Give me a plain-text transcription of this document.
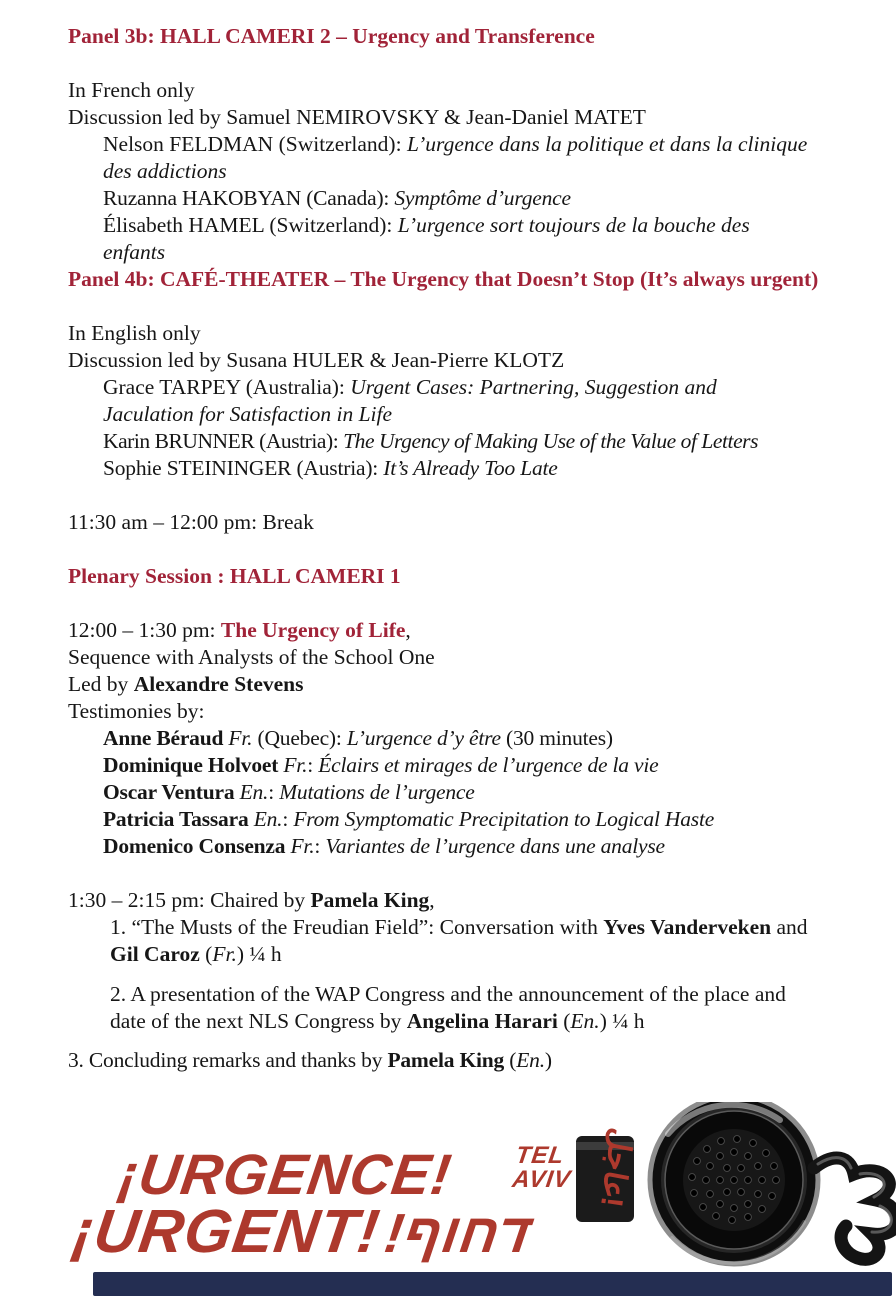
Panel 3b: HALL CAMERI 2 – Urgency and Transference
In French only
Discussion led by Samuel NEMIROVSKY & Jean-Daniel MATET
Nelson FELDMAN (Switzerland): L’urgence dans la politique et dans la clinique des addictions
Ruzanna HAKOBYAN (Canada): Symptôme d’urgence
Élisabeth HAMEL (Switzerland): L’urgence sort toujours de la bouche des enfants
Panel 4b: CAFÉ-THEATER – The Urgency that Doesn’t Stop (It’s always urgent)
In English only
Discussion led by Susana HULER & Jean-Pierre KLOTZ
Grace TARPEY (Australia): Urgent Cases: Partnering, Suggestion and Jaculation for Satisfaction in Life
Karin BRUNNER (Austria): The Urgency of Making Use of the Value of Letters
Sophie STEININGER (Austria): It’s Already Too Late
11:30 am – 12:00 pm: Break
Plenary Session : HALL CAMERI 1
12:00 – 1:30 pm: The Urgency of Life,
Sequence with Analysts of the School One
Led by Alexandre Stevens
Testimonies by:
Anne Béraud Fr. (Quebec): L’urgence d’y être (30 minutes)
Dominique Holvoet Fr.: Éclairs et mirages de l’urgence de la vie
Oscar Ventura En.: Mutations de l’urgence
Patricia Tassara En.: From Symptomatic Precipitation to Logical Haste
Domenico Consenza Fr.: Variantes de l’urgence dans une analyse
1:30 – 2:15 pm: Chaired by Pamela King,
1. “The Musts of the Freudian Field”: Conversation with Yves Vanderveken and Gil Caroz (Fr.) ¼ h
2. A presentation of the WAP Congress and the announcement of the place and date of the next NLS Congress by Angelina Harari (En.) ¼ h
3. Concluding remarks and thanks by Pamela King (En.)
¡URGENCE! TEL
AVIV عاجل!
¡URGENT!דחוף!
